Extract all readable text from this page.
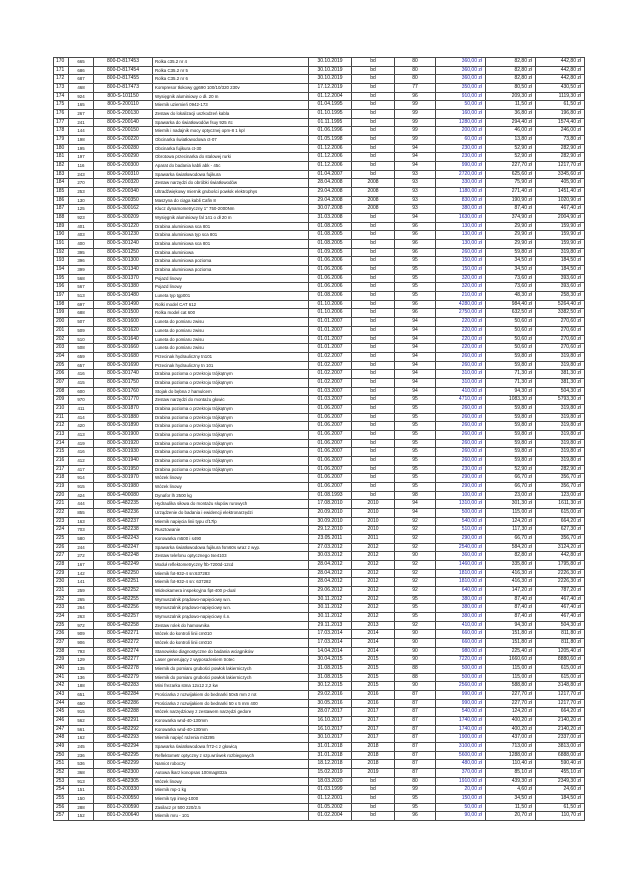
170	665	800-D-817453	Rolka c35.2 nr 4	30.10.2019	bd	80	360,00 zł	82,80 zł	442,80 zł
171	686	800-D-817454	Rolka C35.2 nr 5	30.10.2019	bd	80	360,00 zł	82,80 zł	442,80 zł
172	687	800-D-817455	Rolka C35.2 nr 6	30.10.2019	bd	80	360,00 zł	82,80 zł	442,80 zł
173	468	800-D-817473	Kompresor tłokowy gg690 100/10/320 230v	17.12.2019	bd	77	350,00 zł	80,50 zł	430,50 zł
174	924	800-S-101150	Wysięgnik aluminiowy o dł. 20 m	01.12.2004	bd	96	910,00 zł	209,30 zł	1119,30 zł
175	165	800-S-200110	Miernik uziemień 0942-173	01.04.1995	bd	99	50,00 zł	11,50 zł	61,50 zł
176	267	800-S-200130	Zestaw do lokalizacji uszkodzeń kabla	01.10.1995	bd	99	160,00 zł	36,80 zł	196,80 zł
177	241	800-S-200140	Spawarka do światłowodów fsuy 925 rtc	01.11.1995	bd	99	1280,00 zł	294,40 zł	1574,40 zł
178	144	800-S-200150	Miernik i nadajnik mocy optycznej opm-8 1 kpl	01.06.1996	bd	99	200,00 zł	46,00 zł	246,00 zł
179	198	800-S-200220	Obcinarka światłowodowa ct-07	01.05.1998	bd	99	60,00 zł	13,80 zł	73,80 zł
180	195	800-S-200280	Obcinarka fujikura ct-30	01.12.2006	bd	94	230,00 zł	52,90 zł	282,90 zł
181	197	800-S-200290	Obrotowa przecinarka do stalowej rurki	01.12.2006	bd	94	230,00 zł	52,90 zł	282,90 zł
182	116	800-S-200300	Aparat do badania kabli abk - 45c	01.12.2006	bd	94	990,00 zł	227,70 zł	1217,70 zł
183	243	800-S-200310	Spawarka światłowodowa fujikura	01.04.2007	bd	93	2720,00 zł	625,60 zł	3345,60 zł
184	270	800-S-200320	Zestaw narzędzi do obróbki światłowodów	28.04.2008	2008	93	330,00 zł	75,90 zł	405,90 zł
185	253	800-S-200340	Ultradźwiękowy miernik grubości powłok elektrophys	29.04.2008	2008	93	1180,00 zł	271,40 zł	1451,40 zł
186	130	800-S-200350	Maszyna do ciąga kabli Cafin 8	29.04.2008	2008	93	830,00 zł	190,90 zł	1020,90 zł
187	125	800-S-300162	Klucz dynamometryczny 1" 750-2000Nm	30.07.2008	2008	93	380,00 zł	87,40 zł	467,40 zł
188	923	800-S-300209	Wysięgnik aluminiowy fal 141 o dł 20 m	31.03.2008	bd	94	1630,00 zł	374,90 zł	2004,90 zł
189	401	800-S-301220	Drabina aluminiowa sca 801	01.08.2005	bd	96	130,00 zł	29,90 zł	159,90 zł
190	403	800-S-301230	Drabina aluminiowa typ sca 801	01.08.2005	bd	96	130,00 zł	29,90 zł	159,90 zł
191	400	800-S-301240	Drabina aluminiowa sca 801	01.08.2005	bd	96	130,00 zł	29,90 zł	159,90 zł
192	395	800-S-301250	Drabina aluminiowa	01.09.2005	bd	96	260,00 zł	59,80 zł	319,80 zł
193	396	800-S-301300	Drabina aluminiowa pozioma	01.06.2006	bd	95	150,00 zł	34,50 zł	184,50 zł
194	399	800-S-301340	Drabina aluminiowa pozioma	01.06.2006	bd	95	150,00 zł	34,50 zł	184,50 zł
195	568	800-S-301370	Pojazd linowy	01.06.2006	bd	95	320,00 zł	73,60 zł	393,60 zł
196	567	800-S-301380	Pojazd linowy	01.06.2006	bd	95	320,00 zł	73,60 zł	393,60 zł
197	513	800-S-301480	Luneta typ tgp001	01.08.2006	bd	95	210,00 zł	48,30 zł	258,30 zł
198	697	800-S-301490	Rolki model CAT 612	01.10.2006	bd	96	4280,00 zł	984,40 zł	5264,40 zł
199	688	800-S-301500	Rolka model cat 600	01.10.2006	bd	96	2750,00 zł	632,50 zł	3382,50 zł
200	507	800-S-301600	Luneta do pomiaru zwisu	01.01.2007	bd	94	220,00 zł	50,60 zł	270,60 zł
201	509	800-S-301620	Luneta do pomiaru zwisu	01.01.2007	bd	94	220,00 zł	50,60 zł	270,60 zł
202	510	800-S-301640	Luneta do pomiaru zwisu	01.01.2007	bd	94	220,00 zł	50,60 zł	270,60 zł
203	508	800-S-301660	Luneta do pomiaru zwisu	01.01.2007	bd	94	220,00 zł	50,60 zł	270,60 zł
204	659	800-S-301680	Przecinak hydrauliczny tn101	01.02.2007	bd	94	260,00 zł	59,80 zł	319,80 zł
205	657	800-S-301690	Przecinak hydrauliczny tn 101	01.02.2007	bd	94	260,00 zł	59,80 zł	319,80 zł
206	416	800-S-301740	Drabina pozioma o przekroju trójkątnym	01.02.2007	bd	94	310,00 zł	71,30 zł	381,30 zł
207	415	800-S-301750	Drabina pozioma o przekroju trójkątnym	01.02.2007	bd	94	310,00 zł	71,30 zł	381,30 zł
208	600	800-S-301760	Stojak do bębna z hamulcem	01.03.2007	bd	94	410,00 zł	94,30 zł	504,30 zł
209	970	800-S-301770	Zestaw narzędzi do montażu głowic	01.03.2007	bd	95	4710,00 zł	1083,30 zł	5793,30 zł
210	411	800-S-301870	Drabina pozioma o przekroju trójkątnym	01.06.2007	bd	95	260,00 zł	59,80 zł	319,80 zł
211	414	800-S-301880	Drabina pozioma o przekroju trójkątnym	01.06.2007	bd	95	260,00 zł	59,80 zł	319,80 zł
212	420	800-S-301890	Drabina pozioma o przekroju trójkatnym	01.06.2007	bd	95	260,00 zł	59,80 zł	319,80 zł
213	413	800-S-301900	Drabina pozioma o przekroju trójkątnym	01.06.2007	bd	95	260,00 zł	59,80 zł	319,80 zł
214	419	800-S-301920	Drabina pozioma o przekroju trójkątnym	01.06.2007	bd	95	260,00 zł	59,80 zł	319,80 zł
215	416	800-S-301930	Drabina pozioma o przekroju trójkątnym	01.06.2007	bd	95	260,00 zł	59,80 zł	319,80 zł
216	412	800-S-301940	Drabina pozioma o przekroju trójkątnym	01.06.2007	bd	95	260,00 zł	59,80 zł	319,80 zł
217	417	800-S-301950	Drabina pozioma o przekroju trójkątnym	01.06.2007	bd	95	230,00 zł	52,90 zł	282,90 zł
218	914	800-S-301970	Wózek linowy	01.06.2007	bd	95	290,00 zł	66,70 zł	356,70 zł
219	915	800-S-301980	Wózek linowy	01.06.2007	bd	95	290,00 zł	66,70 zł	356,70 zł
220	424	800-S-400080	Dynafor lh 2500 kg	01.08.1993	bd	98	100,00 zł	23,00 zł	123,00 zł
221	444	800-S-482235	Hydraulika siłowa do montażu słupów rurowych	17.08.2010	2010	94	1310,00 zł	301,30 zł	1611,30 zł
222	855	800-S-482236	Urządzenie do badania i ewidencji elektronarzędzi	20.09.2010	2010	94	500,00 zł	115,00 zł	615,00 zł
223	163	800-S-482237	Miernik napięcia linii typu cf17lp	30.09.2010	2010	92	540,00 zł	124,20 zł	664,20 zł
224	703	800-S-482238	Rusztowanie	29.12.2010	2010	92	510,00 zł	117,30 zł	627,30 zł
225	580	800-S-482243	Korowarka m500 i s490	23.05.2011	2011	92	290,00 zł	66,70 zł	356,70 zł
226	244	800-S-482247	Spawarka światłowodowa fujikura fsm60s wraz z wyp.	27.03.2012	2012	92	2540,00 zł	584,20 zł	3124,20 zł
227	272	800-S-482248	Zestaw telefonu optycznego tse4103	30.03.2012	2012	90	360,00 zł	82,80 zł	442,80 zł
228	167	800-S-482249	Moduł reflektometryczny ftb-7200d-12cd	28.04.2012	2012	92	1460,00 zł	335,80 zł	1795,80 zł
229	142	800-S-482250	Miernik fot-932-4 sn:637283	28.04.2012	2012	92	1810,00 zł	416,30 zł	2226,30 zł
230	141	800-S-482251	Miernik fot-932-4 sn: 637282	28.04.2012	2012	92	1810,00 zł	416,30 zł	2226,30 zł
231	259	800-S-482252	Wideokamera inspekcyjna fipt-400 p-dual	29.06.2012	2012	92	640,00 zł	147,20 zł	787,20 zł
232	265	800-S-482255	Wymuszalnik prądowo-napięciowy w.n.	30.11.2012	2012	95	380,00 zł	87,40 zł	467,40 zł
233	264	800-S-482256	Wymuszalnik prądowo-napięciowy w.n.	30.11.2012	2012	95	380,00 zł	87,40 zł	467,40 zł
234	263	800-S-482257	Wymuszalnik prądowo-napięciowy ś.n.	30.11.2012	2012	95	380,00 zł	87,40 zł	467,40 zł
235	972	800-S-482258	Zestaw rolek do hamownika	29.11.2013	2013	92	410,00 zł	94,30 zł	504,30 zł
236	909	800-S-482271	Wózek do kontroli linii cm010	17.03.2014	2014	90	660,00 zł	151,80 zł	811,80 zł
237	906	800-S-482272	Wózek do kontroli linii cm010	17.03.2014	2014	90	660,00 zł	151,80 zł	811,80 zł
238	793	800-S-482274	Stanowisko diagnostyczne do badania wciągników	14.04.2014	2014	90	980,00 zł	225,40 zł	1205,40 zł
239	129	800-S-482277	Laser generujący z wyposażeniem trotec	30.04.2015	2015	90	7220,00 zł	1660,60 zł	8880,60 zł
240	135	800-S-482278	Miernik do pomiaru grubości powłok lakierniczych	31.08.2015	2015	88	500,00 zł	115,00 zł	615,00 zł
241	136	800-S-482279	Miernik do pomiaru grubości powłok lakierniczych	31.08.2015	2015	88	500,00 zł	115,00 zł	615,00 zł
242	188	800-S-482283	Mini frezarka stma 12x12 2,2 kw	30.12.2015	2015	90	2560,00 zł	588,80 zł	3148,80 zł
243	651	800-S-482284	Prościarka z rozwijakiem do bednarki 50x5 mm z rot	29.02.2016	2016	87	990,00 zł	227,70 zł	1217,70 zł
244	650	800-S-482286	Prościarka z rozwijakiem do bednarki 50 x 5 mm 400	30.05.2016	2016	87	990,00 zł	227,70 zł	1217,70 zł
245	915	800-S-482288	Wózek narzędziowy z zestawem narzędzi gedore	28.07.2017	2017	87	540,00 zł	124,20 zł	664,20 zł
246	562	800-S-482291	Korowarka wnd-40-130mm	16.10.2017	2017	87	1740,00 zł	400,20 zł	2140,20 zł
247	561	800-S-482292	Korowarka wnd-40-130mm	16.10.2017	2017	87	1740,00 zł	400,20 zł	2140,20 zł
248	162	800-S-482293	Miernik napięć rażenia mi3295	30.10.2017	2017	87	1900,00 zł	437,00 zł	2337,00 zł
249	245	800-S-482294	Spawarka światłowodowa fr72-c z głowicą	31.01.2018	2018	87	3100,00 zł	713,00 zł	3813,00 zł
250	236	800-S-482295	Reflektometr optyczny z szp.wrówek rozbiegowych	31.01.2018	2018	87	5600,00 zł	1288,00 zł	6888,00 zł
251	536	800-S-482299	Namiot roboczy	18.12.2018	2018	87	480,00 zł	110,40 zł	590,40 zł
252	368	800-S-482300	Autowa lkarz konopsas 100mag832a	15.02.2019	2019	87	370,00 zł	85,10 zł	455,10 zł
253	913	800-S-482305	Wózek linowy	18.03.2020	bd	80	1910,00 zł	439,30 zł	2349,30 zł
254	151	801-D-200330	Miernik mp-1 kg	01.03.1999	bd	99	20,00 zł	4,60 zł	24,60 zł
255	150	801-D-200550	Miernik typ imeg-1000	01.12.2001	bd	95	150,00 zł	34,50 zł	184,50 zł
256	288	801-D-200590	Zasilacz pr 500 220/2.5	01.05.2002	bd	95	50,00 zł	11,50 zł	61,50 zł
257	152	801-D-200640	Miernik mru - 101	01.02.2004	bd	96	90,00 zł	20,70 zł	110,70 zł
